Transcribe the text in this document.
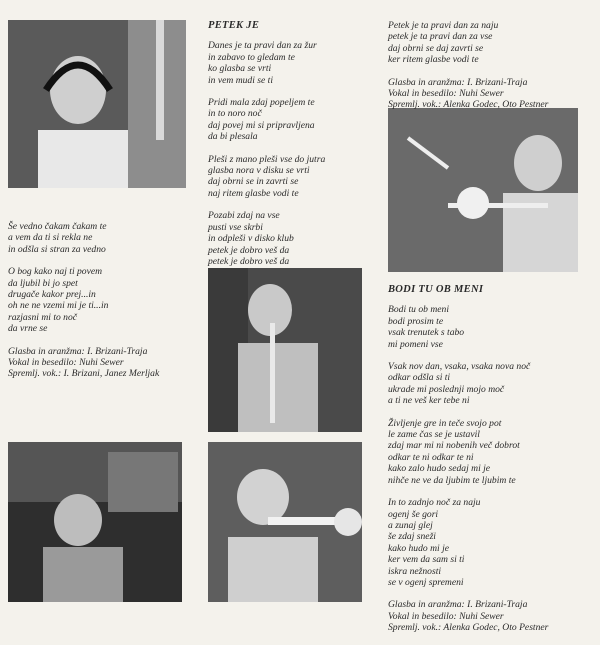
Še vedno čakam čakam te
a vem da ti si rekla ne
in odšla si stran za vedno
O bog kako naj ti povem
da ljubil bi jo spet
drugače kakor prej...in
oh ne ne vzemi mi je ti...in
razjasni mi to noč
da vrne se
Glasba in aranžma: I. Brizani-Traja
Vokal in besedilo: Nuhi Sewer
Spremlj. vok.: I. Brizani, Janez Merljak
PETEK JE
Danes je ta pravi dan za žur
in zabavo to gledam te
ko glasba se vrti
in vem mudi se ti
Pridi mala zdaj popeljem te
in to noro noč
daj povej mi si pripravljena
da bi plesala
Pleši z mano pleši vse do jutra
glasba nora v disku se vrti
daj obrni se in zavrti se
naj ritem glasbe vodi te
Pozabi zdaj na vse
pusti vse skrbi
in odpleši v disko klub
petek je dobro veš da
petek je dobro veš da
Petek je ta pravi dan za naju
petek je ta pravi dan za vse
daj obrni se daj zavrti se
ker ritem glasbe vodi te
Glasba in aranžma: I. Brizani-Traja
Vokal in besedilo: Nuhi Sewer
Spremlj. vok.: Alenka Godec, Oto Pestner
BODI TU OB MENI
Bodi tu ob meni
bodi prosim te
vsak trenutek s tabo
mi pomeni vse
Vsak nov dan, vsaka, vsaka nova noč
odkar odšla si ti
ukrade mi poslednji mojo moč
a ti ne veš ker tebe ni
Življenje gre in teče svojo pot
le zame čas se je ustavil
zdaj mar mi ni nobenih več dobrot
odkar te ni odkar te ni
kako zalo hudo sedaj mi je
nihče ne ve da ljubim te ljubim te
In to zadnjo noč za naju
ogenj še gori
a zunaj glej
še zdaj sneži
kako hudo mi je
ker vem da sam si ti
iskra nežnosti
se v ogenj spremeni
Glasba in aranžma: I. Brizani-Traja
Vokal in besedilo: Nuhi Sewer
Spremlj. vok.: Alenka Godec, Oto Pestner
